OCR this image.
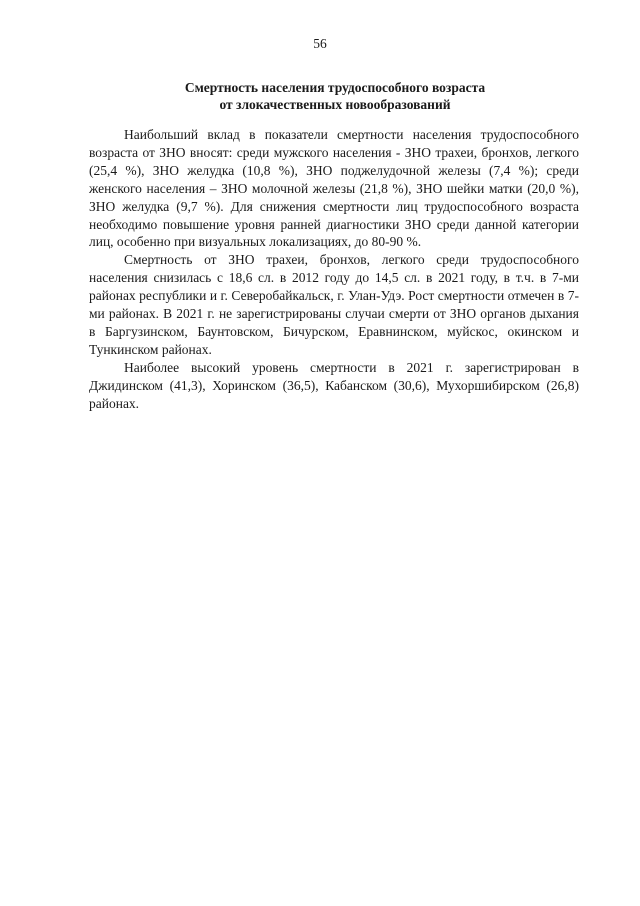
56
Смертность населения трудоспособного возраста
от злокачественных новообразований

Наибольший вклад в показатели смертности населения трудоспособного возраста от ЗНО вносят: среди мужского населения - ЗНО трахеи, бронхов, легкого (25,4 %), ЗНО желудка (10,8 %), ЗНО поджелудочной железы (7,4 %); среди женского населения – ЗНО молочной железы (21,8 %), ЗНО шейки матки (20,0 %), ЗНО желудка (9,7 %). Для снижения смертности лиц трудоспособного возраста необходимо повышение уровня ранней диагностики ЗНО среди данной категории лиц, особенно при визуальных локализациях, до 80-90 %.

Смертность от ЗНО трахеи, бронхов, легкого среди трудоспособного населения снизилась с 18,6 сл. в 2012 году до 14,5 сл. в 2021 году, в т.ч. в 7-ми районах республики и г. Северобайкальск, г. Улан-Удэ. Рост смертности отмечен в 7-ми районах. В 2021 г. не зарегистрированы случаи смерти от ЗНО органов дыхания в Баргузинском, Баунтовском, Бичурском, Еравнинском, муйскос, окинском и Тункинском районах.

Наиболее высокий уровень смертности в 2021 г. зарегистрирован в Джидинском (41,3), Хоринском (36,5), Кабанском (30,6), Мухоршибирском (26,8) районах.
